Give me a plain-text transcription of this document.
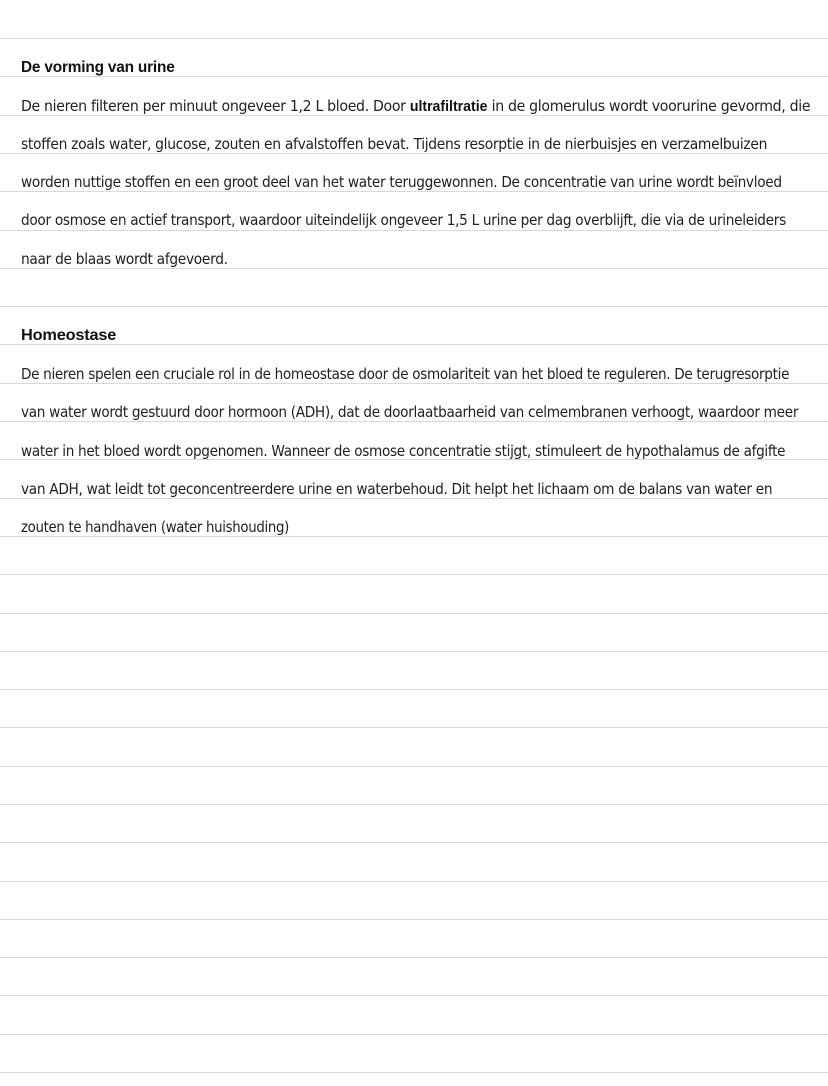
De vorming van urine
De nieren filteren per minuut ongeveer 1,2 L bloed. Door ultrafiltratie in de glomerulus wordt voorurine gevormd, die
stoffen zoals water, glucose, zouten en afvalstoffen bevat. Tijdens resorptie in de nierbuisjes en verzamelbuizen
worden nuttige stoffen en een groot deel van het water teruggewonnen. De concentratie van urine wordt beïnvloed
door osmose en actief transport, waardoor uiteindelijk ongeveer 1,5 L urine per dag overblijft, die via de urineleiders
naar de blaas wordt afgevoerd.
Homeostase
De nieren spelen een cruciale rol in de homeostase door de osmolariteit van het bloed te reguleren. De terugresorptie
van water wordt gestuurd door hormoon (ADH), dat de doorlaatbaarheid van celmembranen verhoogt, waardoor meer
water in het bloed wordt opgenomen. Wanneer de osmose concentratie stijgt, stimuleert de hypothalamus de afgifte
van ADH, wat leidt tot geconcentreerdere urine en waterbehoud. Dit helpt het lichaam om de balans van water en
zouten te handhaven (water huishouding)
